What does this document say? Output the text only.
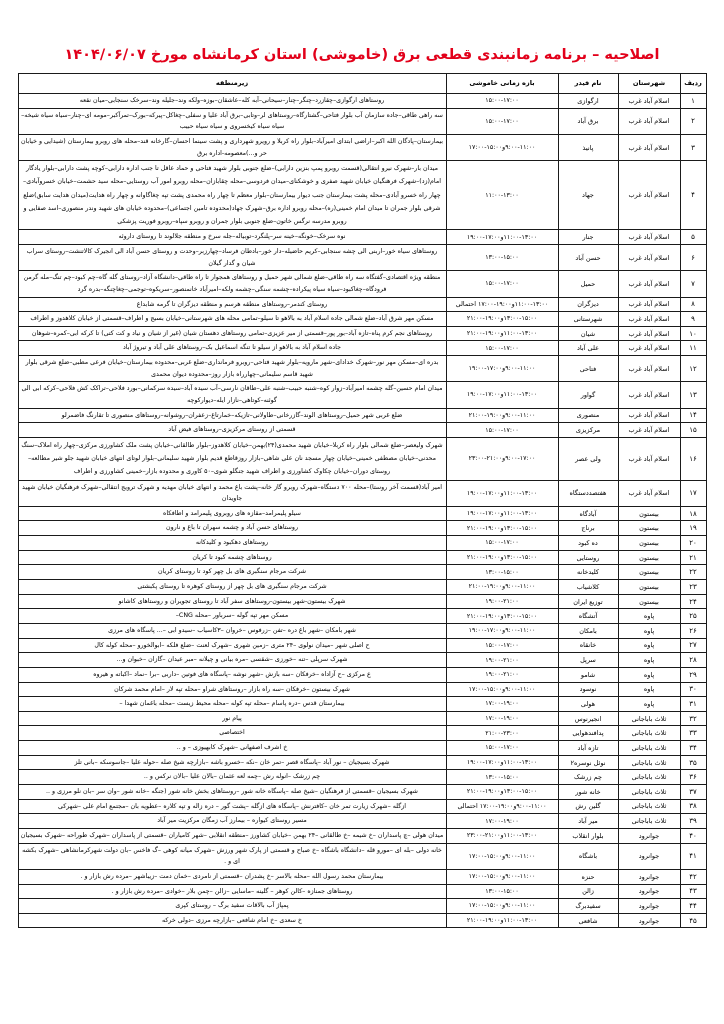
اصلاحیه – برنامه زمانبندی قطعی برق (خاموشی) استان کرمانشاه مورخ ۱۴۰۴/۰۶/۰۷
ردیف	شهرستان	نام فیدر	بازه زمانی خاموشی	زیرمنطقه
۱	اسلام آباد غرب	ارگوازی	۱۵:۰۰-۱۷:۰۰	روستاهای ارگوازی–چقازرد–چنگر–چنار–سیحانی–آبه کله–عاشقان–بوزه–ولکه وند–جلیله وند–سرخک سنجابی–میان نقعه
۲	اسلام آباد غرب	برق آباد	۱۵:۰۰-۱۷:۰۰	سه راهی طاقی–جاده سازمان آب بلوار فتاحی–گشتارگاه–روستاهای لر–وتابی–برق آباد علیا و سفلی–چغاکل–پیرکه–بورک–تمرآکبر–مومه ای–چنار–سیاه سیاه شیخه–سیاه سیاه کیخسروی و سیاه سیاه حبیب
۳	اسلام آباد غرب	پانیذ	۹:۰۰-۱۱:۰۰و۱۵:۰۰-۱۷:۰۰	بیمارستان–پادگان الله اکبر–اراضی ابتدای امیرآباد–بلوار راه کربلا و رویرو شهرداری و پشت سینما احسان–گارخانه قند–محله های روبرو بیمارستان (شیدایی و خیابان حر و...)معصومه-اداره برق
۴	اسلام آباد غرب	جهاد	۱۱:۰۰-۱۳:۰۰	میدان بار–شهرک نیرو انتقالی(قسمت روبرو پمپ بنزین دارابی)–ضلع جنوبی بلوار شهید فتاحی و حماد عاقل تا جنب اداره دارابی–کوچه پشت دارابی–بلوار یادگار امام(زد)–شهرک فرهنگیان خیابان شهید صفری و خوشکنای–میدان فردوسی–محله چقابازان–محله روبرو امور آب روستایی–محله سید حشمت–خیابان خسروآبادی–چهار راه خسرو آبادی–محله پشت بیمارستان جنب دیوار بیمارستان–بلوار معظم تا چهار راه محمدی پشت تپه چغاگاوانه و چهار راه هدایت(میدان هدایت سابق)ضلع شرقی بلوار جمران تا میدان امام خمینی(ره)–محله روبرو اداره برق–شهرک جهاد(محدوده تامین اجتماعی)–محدوده خیابان های شهید وندر منصوری–اسد صفایی و روبرو مدرسه نرگس خاتون–ضلع جنوبی بلوار جمران و روبرو سپاه–روبرو فوریت پزشکی
۵	اسلام آباد غرب	جنار	۱۱:۰۰-۱۳:۰۰و۱۷:۰۰-۱۹:۰۰	نوه سرخک–خونگه–خینه سر–پلنگرد–توبیاله–جله سرخ و منطقه جلالوند تا روستای داروئه
۶	اسلام آباد غرب	حسن آباد	۱۳:۰۰-۱۵:۰۰	روستاهای سیاه خور–اربنی الی چشه سنجابی–کریم حاضیله–دار خور–بادطان فرساد–چهارزبر–وحدت و روستای حسن آباد الی انجیرک کالاتنشت–روستای سراب شیان و گدار گیلان
۷	اسلام آباد غرب	حمیل	۱۵:۰۰-۱۷:۰۰	منطقه ویژه اقتصادی–گفتگاه سه راه طاقی–ضلع شمالی شهر حمیل و روستاهای همجوار تا راه طاقی–دانشگاه آزاد–روستای گله گاه–چم کبود–چم تنگ–مله گرمن فرودگاه–چغاکبود–سیاه سیاه پیکراده–چشمه سنگی–چشمه ولکه–امیرآباد خانمنصور–سریکوه–توجمی–چغاچنگه–بدره گرد
۸	اسلام آباد غرب	دیزگران	۱۱:۰۰-۱۳:۰۰و۱۹:۰۰-۱۷:۰۰ احتمالی	روستای کندمر–روستاهای منطقه هرسم و منطقه دیزگران تا گرمه شابداغ
۹	اسلام آباد غرب	شهرستانی	۱۳:۰۰-۱۵:۰۰و۱۹:۰۰-۲۱:۰۰	مسکن مهر شرق آباد–ضلع شمالی جاده اسلام آباد به بالاهو تا سیلو–تمامی محله های شهرستانی–خیابان بسیج و اطراف–قسمتی از خیابان کلاهدوز و اطراف
۱۰	اسلام آباد غرب	شیان	۱۱:۰۰-۱۳:۰۰و۱۹:۰۰-۲۱:۰۰	روستاهای نجم کرم پناه–تازه آباد–بور پور–قسمتی از میر عزیزی–تمامی روستاهای دهستان شیان (غیر از شیان و نیاد و کت کتی) تا کرکه ابی–کمره–شوهان
۱۱	اسلام آباد غرب	علی آباد	۱۵:۰۰-۱۷:۰۰	جاده اسلام آباد به بالاهو از سیلو تا تنگه اسماعیل بک–روستاهای علی آباد و تیروژ آباد
۱۲	اسلام آباد غرب	فتاحی	۹:۰۰-۱۱:۰۰و۱۷:۰۰-۱۹:۰۰	بدره ای–مسکن مهر نور–شهرک خدادای–شهر مارویه–بلوار شهید فتاحی–روبرو فرمانداری–ضلع غربی–محدوده بیمارستان–خیابان فرعی مطبی–ضلع شرقی بلوار شهید قاسم سلیمانی–چهارراه بازار روز–محدوده دیوان محمدی
۱۳	اسلام آباد غرب	گواور	۱۱:۰۰-۱۳:۰۰و۱۷:۰۰-۱۹:۰۰	میدان امام حسین–گله چشمه امیرآباد–زوار کوه–شنبه حبیب–شنبه علی–طاقان نارسی–آب سیده آباد–سیده سرکمانی–بورد فلاحی–تراکک کش فلاحی–کرکه ابی الی گوئنه–کوتاهی–نازار ایله–دیوارکوچه
۱۴	اسلام آباد غرب	منصوری	۹:۰۰-۱۱:۰۰و۱۹:۰۰-۲۱:۰۰	ضلع غربی شهر حمیل–روستاهای الوند–گازرخانی–طاولانی–تازیکه–خمارتاغ–زعفران–روشوانه–روستاهای منصوری تا تقارنگ فاضمرلو
۱۵	اسلام آباد غرب	مرکزیزی	۱۵:۰۰-۱۷:۰۰	قسمتی از روستای مرکزیزی–روستاهای فیض آباد
۱۶	اسلام آباد غرب	ولی عصر	۹:۰۰-۱۷:۰۰و۲۱:۰۰-۲۳:۰۰	شهرک ولیعصر–ضلع شمالی بلوار راه کربلا–خیابان شهید محمدی(۲۴)بهمن–خیابان کلاهدوز–بلوار طالقانی–خیابان پشت ملک کشاورزی مرکزی–چهار راه املاک–سنگ محدنی–خیابان مصطفی خمینی–خیابان چهار مسجد نان علی شاهی–بازار روزقاطع قدیم بلوار شهید سلیمانی–بلوار لوتای انتهای خیابان شهید جلو شیر مطالعه–روستای دوران–خیابان چکاوک کشاورزی و اطراف شهید جنگلو شوی–۵۰ کاوری و محدوده بازار–خمینی کشاورزی و اطراف
۱۷	اسلام آباد غرب	هفتصددستگاه	۱۱:۰۰-۱۳:۰۰و۱۷:۰۰-۱۹:۰۰	امیر آباد(قسمت آخر روستا)–محله ۷۰۰ دستگاه–شهرک روبرو گاز خانه–پشت باغ محمد و انتهای خیابان مهدیه و شهرک ترویج انتقالی–شهرک فرهنگیان خیابان شهید جاویدان
۱۸	بیستون	آبادگاه	۱۱:۰۰-۱۳:۰۰و۱۷:۰۰-۱۹:۰۰	سیلو پلیمرامد–مقازه های روبروی پلیمرامد و اطافکاه
۱۹	بیستون	برناج	۱۳:۰۰-۱۵:۰۰و۱۹:۰۰-۲۱:۰۰	روستاهای حسن آباد و چشمه سهران تا باغ و نارون
۲۰	بیستون	ده کبود	۱۵:۰۰-۱۷:۰۰	روستاهای دهکبود و کلیدکانه
۲۱	بیستون	روستایی	۱۳:۰۰-۱۵:۰۰و۱۹:۰۰-۲۱:۰۰	روستاهای چشمه کبود تا کریان
۲۲	بیستون	کلیدخانه	۱۳:۰۰-۱۵:۰۰	شرکت مرجام سنگبری های بل چهر کود تا روستای کریان
۲۳	بیستون	کلاشیاب	۹:۰۰-۱۱:۰۰و۱۹:۰۰-۲۱:۰۰	شرکت مرجام سنگبری های بل چهر از روستای کوهره تا روستای پکبشتی
۲۴	بیستون	توزیع ایران	۱۹:۰۰-۲۱:۰۰	شهرک بیستون-شهر بیستون-روستاهای سفر آباد تا روستای تجویران و روستاهای کاشانو
۲۵	پاوه	آتشگاه	۱۳:۰۰-۱۵:۰۰و۱۹:۰۰-۲۱:۰۰	مسکن مهر تپه گوله –سرباور –محله CNG–
۲۶	پاوه	بامکان	۹:۰۰-۱۱:۰۰و۱۷:۰۰-۱۹:۰۰	شهر بامکان –شهر باغ دره –تفن –زرفوس –خروان –۳کاسیاب –سیدو ابی –... پاسگاه های مرزی
۲۷	پاوه	خانقاه	۱۵:۰۰-۱۷:۰۰	ح اصلی شهر –میدان نولوی –۲۴ متری –زمین شهری –شهرک لعنت –ضلع فلکه –ابوالخورو –محله کوله کال
۲۸	پاوه	سرپل	۱۹:۰۰-۲۱:۰۰	شهرک سرپلی –تنه –خورزی –شقسی –مره بیانی و چیلانه –مبر عیدان –گازان –خبوان و...
۲۹	پاوه	شامو	۱۹:۰۰-۲۱:۰۰	ع مرکزی –ح آزاداه –خرفکان –سه بازش –شهر نوشه –پاسگاه های فوتین –داربی –برا –نماد –اکباته و هیروه
۳۰	پاوه	نوسود	۹:۰۰-۱۱:۰۰و۱۵:۰۰-۱۷:۰۰	شهرک بیستون –خرفکان –سه راه بازار –روستاهای شراو –محله تپه لار –امام محمد شرکان
۳۱	پاوه	هولی	۱۷:۰۰-۱۹:۰۰	بیمارستان قدس –دره پاسام –محله تپه کوله –محله محیط زیست –محله باغمان شهدا –
۳۲	ثلاث باباجانی	انجیرنوس	۱۷:۰۰-۱۹:۰۰	پیام نور
۳۳	ثلاث باباجانی	پدافندهوایی	۲۱:۰۰-۲۳:۰۰	اختصاصی
۳۴	ثلاث باباجانی	تازه آباد	۱۵:۰۰-۱۷:۰۰	خ اشرف اصفهانی –شهرک کابهیوزی – و ..
۳۵	ثلاث باباجانی	نوئل نوسره۲	۱۱:۰۰-۱۳:۰۰و۱۷:۰۰-۱۹:۰۰	شهرک بسیجیان – نور آباد –پاسگاه قصر –تمر خان –نکه –خسرو باشه –بازارچه شیخ صله –حوله علیا –جاسوسکه –بانی تلز
۳۶	ثلاث باباجانی	چم زرشک	۱۳:۰۰-۱۵:۰۰	چم زرشک –انوله رش –چمه لعه عثمان –بالان علیا –بالان نرکس و ..
۳۷	ثلاث باباجانی	خانه شور	۱۳:۰۰-۱۵:۰۰و۱۹:۰۰-۲۱:۰۰	شهرک بسیجیان –قسمتی از فرهنگیان –شیخ صله –پاسگاه خانه شور –روستاهای بخش خانه شور (جنگه –خانه شور –وان سر –بان نلو مرزی و ..
۳۸	ثلاث باباجانی	گلین رش	۹:۰۰-۱۱:۰۰و۱۹:۰۰-۱۷:۰۰ احتمالی	ازگله –شهرک زیارت تمر خان –کافترنش –پاسگاه های ازگله –پشت گور – دره زاله و تپه کلاره –عطویه بان –مجتمع امام علی –شهرکی
۳۹	ثلاث باباجانی	میر آباد	۱۷:۰۰-۱۹:۰۰	مسیر روستای کیواره – بیمارز آب زمگان مرکزیت میر آباد
۴۰	جوانرود	بلوار انقلاب	۱۱:۰۰-۱۳:۰۰و۲۱:۰۰-۲۳:۰۰	میدان هولی –چ پاسداران –خ شیمه –خ طالقانی –۲۴ بهمن –خیابان کشاورز –منطقه انقلابی –شهر کامیاران –قسمتی از پاسداران –شهرک طوراحه –شهرک بسیجیان
۴۱	جوانرود	باشگاه	۹:۰۰-۱۱:۰۰و۱۵:۰۰-۱۷:۰۰	خانه دولی –بله ای –مورو قله –دانشگاه باشگاه –خ صباح و قسمتی از پارک شهر ورزش –شهرک میانه کوهی –گ فاخس –بان دولت شهرکرمانشاهی –شهرک بکشه ای و .
۴۲	جوانرود	حنزه	۹:۰۰-۱۱:۰۰و۱۵:۰۰-۱۷:۰۰	بیمارستان محمد رسول الله –محله بالاسر –خ پشدران –قسمتی از نامردی –خمان دمت –زیباشهر –مرده رش بازار و .
۴۳	جوانرود	زالن	۱۳:۰۰-۱۵:۰۰	روستاهای جمنازه –کالن کوهر – گلینه –ماسایی –زالن –چمن بلار –خوادی –مرده رش بازار و .
۴۴	جوانرود	سفیدبرگ	۹:۰۰-۱۱:۰۰و۱۵:۰۰-۱۷:۰۰	پمپاژ آب بالاقات سفید برگ – روستای کپری
۴۵	جوانرود	شافعی	۱۱:۰۰-۱۳:۰۰و۱۹:۰۰-۲۱:۰۰	خ سعدی –خ امام شافعی –بازارچه مرزی –دولی خرکه
